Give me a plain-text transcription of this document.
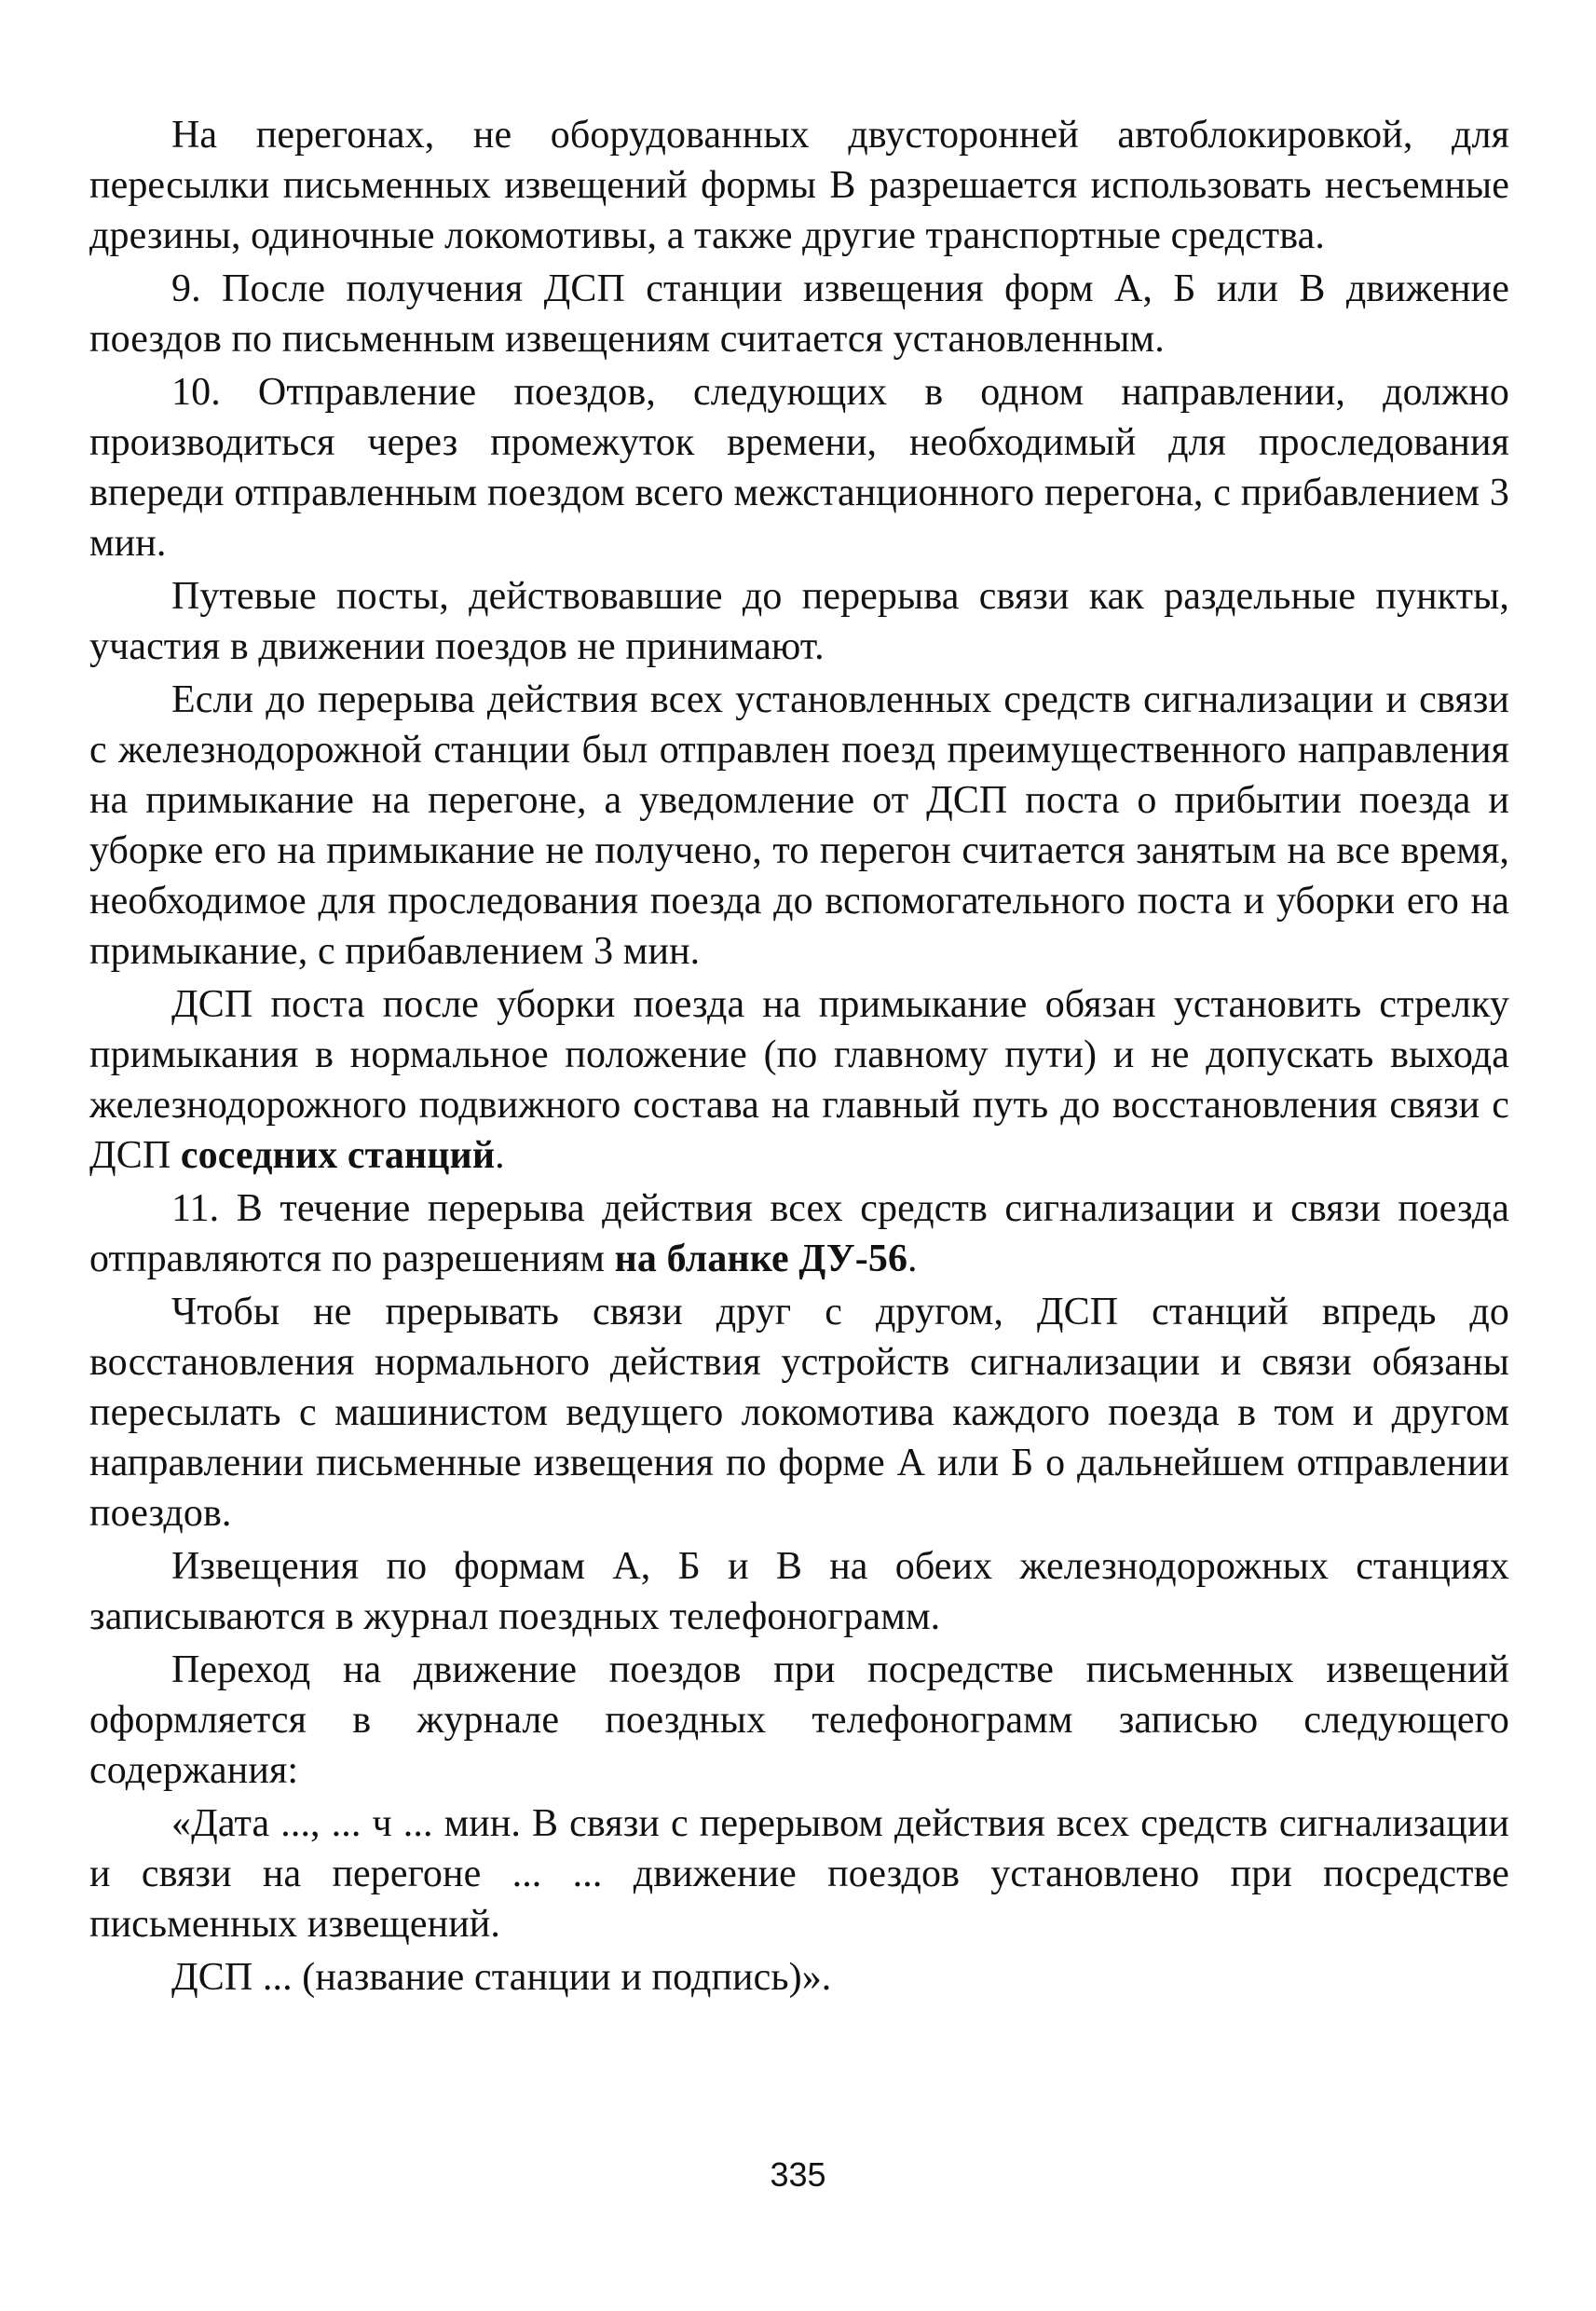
На перегонах, не оборудованных двусторонней автоблокировкой, для пересылки письменных извещений формы В разрешается использовать несъемные дрезины, одиночные локомотивы, а также другие транспортные средства.

9. После получения ДСП станции извещения форм А, Б или В движение поездов по письменным извещениям считается установленным.

10. Отправление поездов, следующих в одном направлении, должно производиться через промежуток времени, необходимый для проследования впереди отправленным поездом всего межстанционного перегона, с прибавлением 3 мин.

Путевые посты, действовавшие до перерыва связи как раздельные пункты, участия в движении поездов не принимают.

Если до перерыва действия всех установленных средств сигнализации и связи с железнодорожной станции был отправлен поезд преимущественного направления на примыкание на перегоне, а уведомление от ДСП поста о прибытии поезда и уборке его на примыкание не получено, то перегон считается занятым на все время, необходимое для проследования поезда до вспомогательного поста и уборки его на примыкание, с прибавлением 3 мин.

ДСП поста после уборки поезда на примыкание обязан установить стрелку примыкания в нормальное положение (по главному пути) и не допускать выхода железнодорожного подвижного состава на главный путь до восстановления связи с ДСП соседних станций.

11. В течение перерыва действия всех средств сигнализации и связи поезда отправляются по разрешениям на бланке ДУ-56.

Чтобы не прерывать связи друг с другом, ДСП станций впредь до восстановления нормального действия устройств сигнализации и связи обязаны пересылать с машинистом ведущего локомотива каждого поезда в том и другом направлении письменные извещения по форме А или Б о дальнейшем отправлении поездов.

Извещения по формам А, Б и В на обеих железнодорожных станциях записываются в журнал поездных телефонограмм.

Переход на движение поездов при посредстве письменных извещений оформляется в журнале поездных телефонограмм записью следующего содержания:

«Дата ..., ... ч ... мин. В связи с перерывом действия всех средств сигнализации и связи на перегоне ... ... движение поездов установлено при посредстве письменных извещений.

ДСП ... (название станции и подпись)».

335
